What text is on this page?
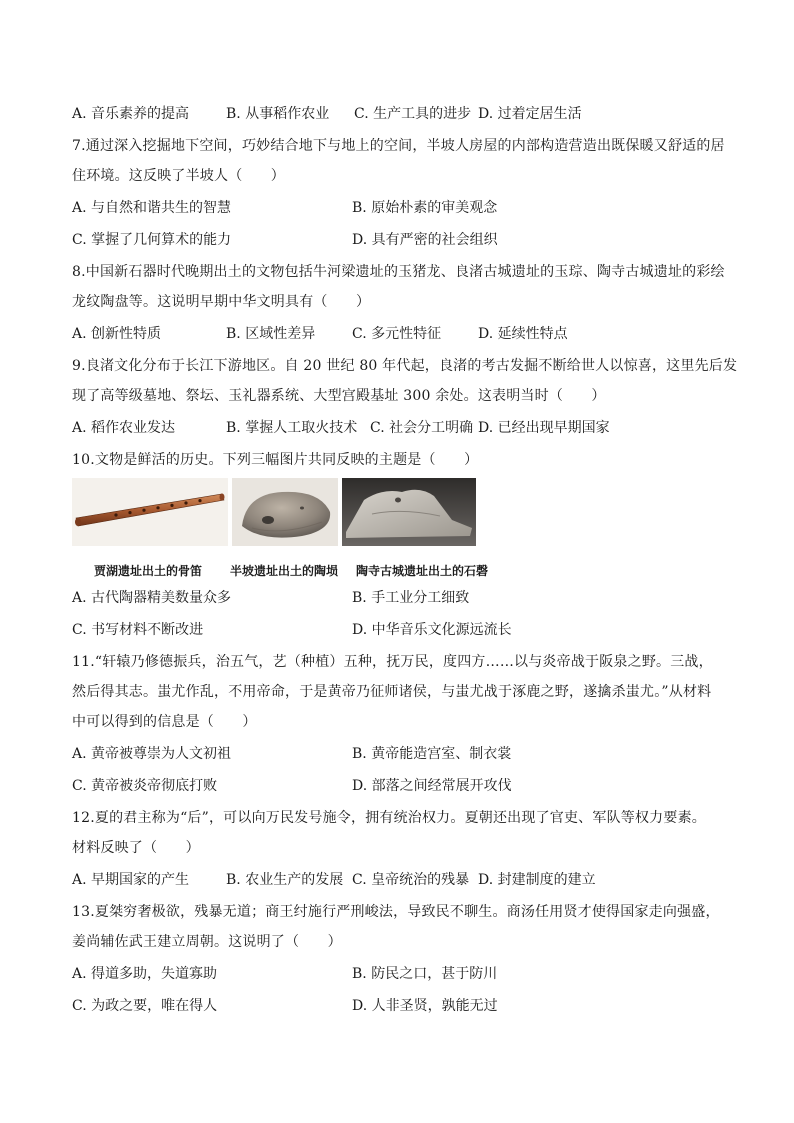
A. 音乐素养的提高	B. 从事稻作农业 C. 生产工具的进步 D. 过着定居生活

7.通过深入挖掘地下空间，巧妙结合地下与地上的空间，半坡人房屋的内部构造营造出既保暖又舒适的居

住环境。这反映了半坡人（　　）

A. 与自然和谐共生的智慧	B. 原始朴素的审美观念
C. 掌握了几何算术的能力	D. 具有严密的社会组织

8.中国新石器时代晚期出土的文物包括牛河梁遗址的玉猪龙、良渚古城遗址的玉琮、陶寺古城遗址的彩绘

龙纹陶盘等。这说明早期中华文明具有（　　）

A. 创新性特质	B. 区域性差异	C. 多元性特征	D. 延续性特点

9.良渚文化分布于长江下游地区。自 20 世纪 80 年代起，良渚的考古发掘不断给世人以惊喜，这里先后发

现了高等级墓地、祭坛、玉礼器系统、大型宫殿基址 300 余处。这表明当时（　　）

A. 稻作农业发达	B. 掌握人工取火技术 C. 社会分工明确 D. 已经出现早期国家

10.文物是鲜活的历史。下列三幅图片共同反映的主题是（　　）

贾湖遗址出土的骨笛 半坡遗址出土的陶埙 陶寺古城遗址出土的石磬
A. 古代陶器精美数量众多	B. 手工业分工细致
C. 书写材料不断改进	D. 中华音乐文化源远流长

11.“轩辕乃修德振兵，治五气，艺（种植）五种，抚万民，度四方……以与炎帝战于阪泉之野。三战，

然后得其志。蚩尤作乱，不用帝命，于是黄帝乃征师诸侯，与蚩尤战于涿鹿之野，遂擒杀蚩尤。”从材料

中可以得到的信息是（　　）

A. 黄帝被尊崇为人文初祖	B. 黄帝能造宫室、制衣裳
C. 黄帝被炎帝彻底打败	D. 部落之间经常展开攻伐

12.夏的君主称为“后”，可以向万民发号施令，拥有统治权力。夏朝还出现了官吏、军队等权力要素。

材料反映了（　　）

A. 早期国家的产生	B. 农业生产的发展 C. 皇帝统治的残暴 D. 封建制度的建立

13.夏桀穷奢极欲，残暴无道；商王纣施行严刑峻法，导致民不聊生。商汤任用贤才使得国家走向强盛，

姜尚辅佐武王建立周朝。这说明了（　　）

A. 得道多助，失道寡助	B. 防民之口，甚于防川
C. 为政之要，唯在得人	D. 人非圣贤，孰能无过
